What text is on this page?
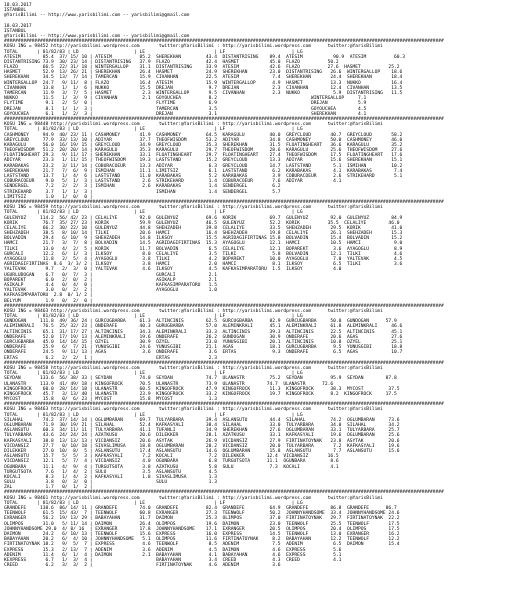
18.03.2017
ISTANBUL
@YarisBilimi -- http://www.yarisbilimi.com -- yarisbilimi@gmail.com
18.03.2017
ISTANBUL
@YarisBilimi -- http://www.yarisbilimi.com -- yarisbilimi@gmail.com
###############################################################################################################################################################
KOSU ING = 98452 http://yarisbilimi.wordpress.com       twitter:@YarisBilimi : http://yarisbilimi.wordpress.com      twitter:@YarisBilimi
TOTAL       | 81/82/83 | LD                    | LE                         | LF                        | LG
ATESIM        85.4  37/ 15/ 10 | ATESIM          85.2  SHEREKHAN         43.4  DISTANTRISING    89.4  ATESIM           90.9  ATESIM          60.3
DISTANTRISING 73.9  30/ 23/ 14 | DISTANTRISING   37.9  FLAZO             42.4  HASMET           45.0  FLAZO          50.2
FLAZO         66.5  22/ 31/ 18 | WINTERGALLOP    31.1  DISTANTRISING     33.9  ATESIM           42.6  FLAZO          27.6  HASMET          25.2
HASMET        52.9  13/ 26/ 21 | SHEREKHAN       26.4  HASMET            24.9  SHEREKHAN        23.0  DISTANTRISING   26.6  WINTERGALLOP    18.6
SHEREKHAN     34.5  13/  7/ 14 | TAMERCAN        15.9  CIVANHAN          22.5  ATESIM            7.4  SHEREKHAN       24.4  SHEREKHAN       18.4
WINTERGALLOP  24.7   9/ 11/  8 | FLAZO           16.4  ATESIM            15.9  WINTERGALLOP      4.9  HASMET          13.3  NUKKO           16.4
CIVANHAN      13.8   1/  1/  6 | NUKKO           15.5  DREJAN             9.7  DREJAN            2.3  CIVANHAN        12.4  CIVANHAN        13.5
TAMERCAN      11.9   3/  7/  5 | HASMET           2.3  WINTERGALLOP       9.5  CIVANHAN          2.3  NUKKO            5.9  DISTANTRISING   11.5
NUKKO         11.5   1/  3/  9 | CIVANHAN         2.1  GOYOUCHEA          8.2                                  WINTERGALLOP     7.1
FLYTIME        9.1   2/  5/  0 |                       FLYTIME            6.9                                  DREJAN           5.9
DREJAN         8.1   1/  1/  3 |                       TAMERCAN           3.5                                  GOYOUCHEA        4.5
GOYOUCHEA      6.1   1/  2/  3 |                       DREJAN             3.1                                  SHEREKHAN        4.1
###############################################################################################################################################################
KOSU ING = 98448 http://yarisbilimi.wordpress.com       twitter:@YarisBilimi : http://yarisbilimi.wordpress.com      twitter:@YarisBilimi
TOTAL       | 81/82/83 | LD                    | LE                         | LF                        | LG
CASHMONEY     94.9  40/ 23/ 11 | CASHMONEY       41.9  CASHMONEY         64.5  KARAGULU         40.0  GREYCLOUD       40.7  GREYCLOUD       58.2
GREYCLOUD     77.9  33/ 13/ 10 | ADIYAR          37.7  THEOFWISDOM       53.2  ADIYAR           34.8  CASHMONEY       50.0  CASHMONEY       46.0
KARAGULU      56.0  16/ 19/ 15 | GREYCLOUD       34.9  GREYCLOUD         35.3  SHEREKHAN        31.5  FLOATINGHEART   36.6  KARAGULU        35.2
THEOFWISDOM   51.2  20/ 20/ 14 | KARAGULU        35.3  KARAGULU          29.7  THEOFWISDOM      28.6  KARAGULU        25.6  THEOFWISDOM     27.6
FLOATINGHEART 29.3   9/ 11/ 17 | SHEREKHAN       33.1  FLOATINGHEART     29.7  FLOATINGHEART    27.4  THEOFWISDOM     17.5  FLOATINGHEART   17.6
ADIYAR        23.3   1/ 11/ 15 | THEOFWISDOM     19.3  LASTSTAND         15.2  GREYCLOUD        13.3  ADIYAR          15.6  SHEREKHAN       15.1
KARABAKAS     23.2   3/ 11/ 14 | COBURACOEUR     13.3  ADIYAR             6.3  GREYCLOUD        14.7  LASTSTAND        5.1  ISMIHAN         10.2
SHEREKHAN     21.7   7/  6/  9 | ISMIHAN         11.1  LIMITSIZ           6.1  LASTSTAND         6.2  KARABAKAS        4.1  KARABAKAS        7.4
LASTSTAND     13.7   1/  4/  6 | LASTSTAND       11.0  KARABAKAS          5.2  KARABAKAS         3.9  COBURACOEUR      2.6  STRIKEHARD       5.1
COBURACOEUR    9.0   5/  1/  3 | LASTSTAND        2.6  STRIKEHARD         1.4  COBURACOEUR       7.6  ADIYAR           4.1
SENDERGEL      7.2   2/  2/  3 | ISMIHAN          2.6  KARABAKAS          1.4  SENDERGEL         6.2
STRIKEHARD     3.7   1/  1/  3 |                       ISMIHAN            1.4  SENDERGEL         5.7
LIMITSIZ       1.0   1/  0/  0 |
###############################################################################################################################################################
KOSU ING = 98459 http://yarisbilimi.wordpress.com       twitter:@YarisBilimi : http://yarisbilimi.wordpress.com      twitter:@YarisBilimi
TOTAL       | 81/82/83 | LD                    | LE                         | LF                        | LG
GULENYUZ     114.2  56/ 42/ 23 | CELALIYE        92.0  GULENYUZ          69.6  KORIK            69.7  GULENYUZ        92.0  GULENYUZ        84.9
KORIK         76.7  35/ 27/ 23 | KORIK           59.9  GULENYUZ          46.5  GULENYUZ         52.2  KORIK          35.5  CELALIYE        46.0
CELALIYE      66.2  30/ 22/ 10 | GULENYUZ        44.8  SHEHZADEH         39.8  CELALIYE         33.5  SHEHZADEH       29.5  KORIK           41.0
SHEHZADEH     38.5   8/ 10/ 14 | TILKI           20.6  HAMCI             16.4  SHEHZADEH        19.8  CELALIYE        26.1  SHEHZADEH       15.3
BOLVADIN      29.4   6/ 10/  9 | SHEHZADEH       14.8  ILKSOY            15.5  AGRIDAGIFIRTINAS 15.8  BOLVADIN        15.4  BOLVADIN        15.2
HAMCI         21.7   3/  7/  8 | BOLVADIN        14.5  AGRIDAGIFIRTINAS  15.3  AYAGOGLU         12.1  HAMCI           10.5  HAMCI            9.0
TILKI         13.0   4/  2/  5 | KORIK           11.7  BOLVADIN           6.5  CELALIYE         12.1  BOPAREKT         3.6  AYAGOGLU         8.9
GURCALI       12.2   6/  1/  3 | ILKSOY           8.0  CELALIYE           3.5  TILKI             5.8  BOLVADIN        12.1  TILKI            4.6
AYAGOGLU      11.8   2/  5/  4 | AYAGOGLU         3.8  TILKI              4.2  BOPAREKT         10.0  AYAGOGLU         7.0  YALTEVAK         4.5
AGRIDAGIFIRTINAS  8.6  3/ 3/ 2 | ILKSOY           3.8  HAMCI              2.0  HAMCI             8.1  ILKSOY           6.5  TILKI            3.6
YALTEVAK       9.7   2/  3/  0 | YALTEVAK         4.6  ILKSOY             4.5  KAFKASIMPARATORU  1.5  ILKSOY           4.0
UGURLUDOGAN    6.7   0/  7/  3 |                       GURCALI            2.1
BOPAREKT       6.0   2/  0/  2 |                       ASIKALP            2.1
ASIKALP        4.4   0/  4/  0 |                       KAFKASIMPARATORU   1.5
YALTEVAK       3.0   0/  2/  2 |                       AYAGOGLU           1.0
KAFKASIMPARATORU  2.8  0/ 1/ 2 |
BELYUM         1.9   0/  2/  0 |
###############################################################################################################################################################
KOSU ING = 98463 http://yarisbilimi.wordpress.com       twitter:@YarisBilimi : http://yarisbilimi.wordpress.com      twitter:@YarisBilimi
TOTAL       | 81/82/83 | LD                    | LE                         | LF                        | LG
GUNDOGAN     111.8  49/ 36/ 24 | GURCUGBARBA     61.3  ALTINCINIS        62.5  GURCUGBARBA      82.9  GURCUGBARBA     50.0  GUNDOGAN      57.9
ALEMINKRALI   76.5  25/ 32/ 23 | ONDERAFE        40.3  GURUGBARBA        57.0  ALEMINKRALI      45.1  ALEMINKRALI     61.8  ALEMINKRALI     46.6
ALTINCINIS    65.1  31/ 17/ 27 | ALTINCINIS      34.3  ALEMINKRALI       33.3  ALTINCINIS       39.3  ALTINCINIS      22.5  ALTINCINIS      45.1
ONDERAFE      52.0  17/ 19/ 13 | ALEMINKRALI     19.6  ONDERAFE          26.2  GUNDOGAN         30.9  ONDERAFE        20.6  AGAS            27.6
GURCUGBARBA   45.0  14/ 14/ 15 | OZYEL           30.9  OZYEL             23.0  YUNUSGIBI        20.1  ALTINCINIS      10.8  OZYEL           25.1
ONDERAFE      25.9   6/  7/ 21 | YUNUSGIBI       24.6  YUNUSGIBI         21.1  AGAS             18.1  GURCUGBARBA      9.5  YUNUSGIBI       18.8
ONDERAFE      24.5   9/ 11/ 13 | AGAS             3.6  ONDERAFE           3.6  ERTAS             9.3  ONDERAFE         6.5  AGAS            10.7
ERTAS          6.2   2/  2/  1 |                       ERTAS              2.3
###############################################################################################################################################################
KOSU ING = 98458 http://yarisbilimi.wordpress.com       twitter:@YarisBilimi : http://yarisbilimi.wordpress.com      twitter:@YarisBilimi
TOTAL       | 81/82/83 | LD                    | LE                         | LF                        | LG
SEYDAN       133.6  56/ 38/ 33 | SEYDAN          74.0  SEYDAN            74.7  ULANASTR         75.2  SEYDAN          95.9  SEYDAN        87.8
ULANASTR     113.9  41/ 49/ 18 | KINGOFROCK      70.5  ULANASTR          73.9  ULANASTR        74.7  ULANASTR      72.6
KINGOFROCK    60.0  28/ 14/ 18 | ULANASTR        60.5  KINGOFROCK        47.9  KINGOFROCK       11.3  KINGOFROCK      38.3  MYCOST         37.5
KINGOFROCK    45.7   3/ 13/ 40 | ULANASTR        23.9  KINGOFROCK        33.2  KINGOFROCK       19.7  KINGOFROCK      8.2  KINGOFROCK     17.5
MYCOST        15.8   0/  6/ 23 | MYCOST          15.8  MYCOST             1.3
###############################################################################################################################################################
KOSU ING = 98463 http://yarisbilimi.wordpress.com       twitter:@YarisBilimi : http://yarisbilimi.wordpress.com      twitter:@YarisBilimi
TOTAL       | 81/82/83 | LD                    | LE                         | LF                        | LG
SILAHAL       74.2  37/ 14/ 14 | OGLUMBARAN      69.7  TULYARBARA        39.4  ASLANSUTU        44.4  SILAHAL         74.2  OGLUMBARAN     73.6
OGLUMBARAN    71.9  30/ 19/ 21 | SILAHAL         52.4  KAFKASYALI        38.4  SILAHAL          33.0  TULYARBARA      34.0  SILAHAL        34.2
ASLANSUTU     60.3  34/ 11/ 11 | TULYARBARA      41.1  TUFANLI           34.9  SHEREKHAN        27.6  OGLUMBARAN      33.1  TULYARBARA     25.7
TULYARBARA    43.6  24/ 24/ 24 | AZATKUSU        20.6  DILEKKER          28.1  AZATKUSU         33.1  KAFKASYALI      19.6  OGLUMBARAN     25.6
KAFKASYALI    38.8  13/ 13/ 13 | VICDANSIZ       20.6  ASYTAK            26.9  VICDANSIZ        27.9  FIRTINATOYNAK   23.8  ASYTAK         20.6
VICDANSIZ     27.7   0/ 10/ 18 | SIVASLIMUSA     18.8  OGLUMBARAN        20.2  VICDANSIZ        20.0  TULYARBARA       7.2  KAFKASYALI     19.6
DILEKKER      27.0  10/  8/  5 | ASLANSUTU       17.4  ASLANSUTU         14.6  OGLUMBARAN       15.8  ASLANSUTU        7.7  ASLANSUTU      15.6
ASLANSUTU     15.7   5/  5/  3 | KAFKASYALI       7.2  KOCALI             7.2  DILEKKER        12.4  VICDANSIZ       16.5
VICDANSIZ     12.1   5/  7/  4 | VICDANSIZ        4.0  OGUNBARA           6.8  TURGUTSOTA      11.1  OGUNBARA         8.6
OGUNBARA      11.1   4/  9/  4 | TURGUTSOTA       3.8  AZATKUSU           5.8  SULU             7.3  KOCALI           4.1
TURGUTSOTA     7.6   1/  4/  2 | SULU             3.5  ASLANSUTU          4.5
KOCALI         8.3   1/  4/  2 | KAFKASYALI       1.8  SIVASLIMUSA        1.3
SULU           3.8   0/  3/  0 |                       SULU               1.3
ZAL            1.7   0/  1/  2 |
###############################################################################################################################################################
KOSU ING = 98461 http://yarisbilimi.wordpress.com       twitter:@YarisBilimi : http://yarisbilimi.wordpress.com      twitter:@YarisBilimi
TOTAL       | 81/82/83 | LD                    | LE                         | LF                        | LG
GRANDEFE     138.6  86/ 14/ 11 | GRANDEFE        74.0  GRANDEFE          82.4  GRANDEFE         64.9  GRANDEFE        86.8  GRANDEFE      86.7
TEENWOLF      61.5  15/ 43/  7 | TEENWOLF        60.8  EXRANGER          27.3  TEENWOLF         50.2  JOHNNYHANDSOME  33.4  JOHNNYHANDSOME 24.6
EXRANGER      56.2  19/ 13/ 29 | BABAYAHAN       31.7  DAIMON            25.3  OLIMPOS          37.0  FIRTINATOYNAK   29.7  FIRTINATOYNAK  22.2
OLIMPOS       31.0   5/ 11/ 14 | DAIMON          26.4  OLIMPOS           19.6  DAIMON           23.0  TEENWOLF        25.5  TEENWOLF       17.5
JOHNNYHANDSOME 29.0  4/ 8/ 16  | EXRANGER        17.8  JOHNNYHANDSOME    17.1  EXRANGER         20.5  OLIMPOS         20.4  OLIMPOS        17.5
DAIMON        24.2   6/ 10/ 13 | TEENWOLF        15.6  EXPRESS           16.0  EXPRESS          14.5  TEENWOLF        13.0  EXRANGER       16.2
BABAYAHAN     20.2   6/  4/ 10 | JOHNNYHANDSOME   5.1  OLIMPOS           11.6  FIRTINATOYNAK     8.2  BABAYAHAN       12.2  TEENWOLF       12.2
FIRTINATOYNAK 18.2   9/  5/  7 | EXPRESS          4.6  TEENWOLF           8.5  ADENIM            7.5  ADENIM           6.5  DAIMON         15.4
EXPRESS       15.3   2/ 13/  7 | ADENIM           3.6  ADENIM             4.5  DAIMON            4.6  EXPRESS          5.6
ADENIM        11.4   6/  1/  4 | DAIMON           2.1  BABAYAHAN          4.1  BABAYAHAN         4.6  EXPRESS          5.1
KEXPRESS       6.7   1/  3/  4 |                       BABAYAHAN          3.4  CREED             4.3  CREED            4.1
CREED          6.2   3/  3/  2 |                       FIRTINATOYNAK      4.6  ADENIM            3.6
